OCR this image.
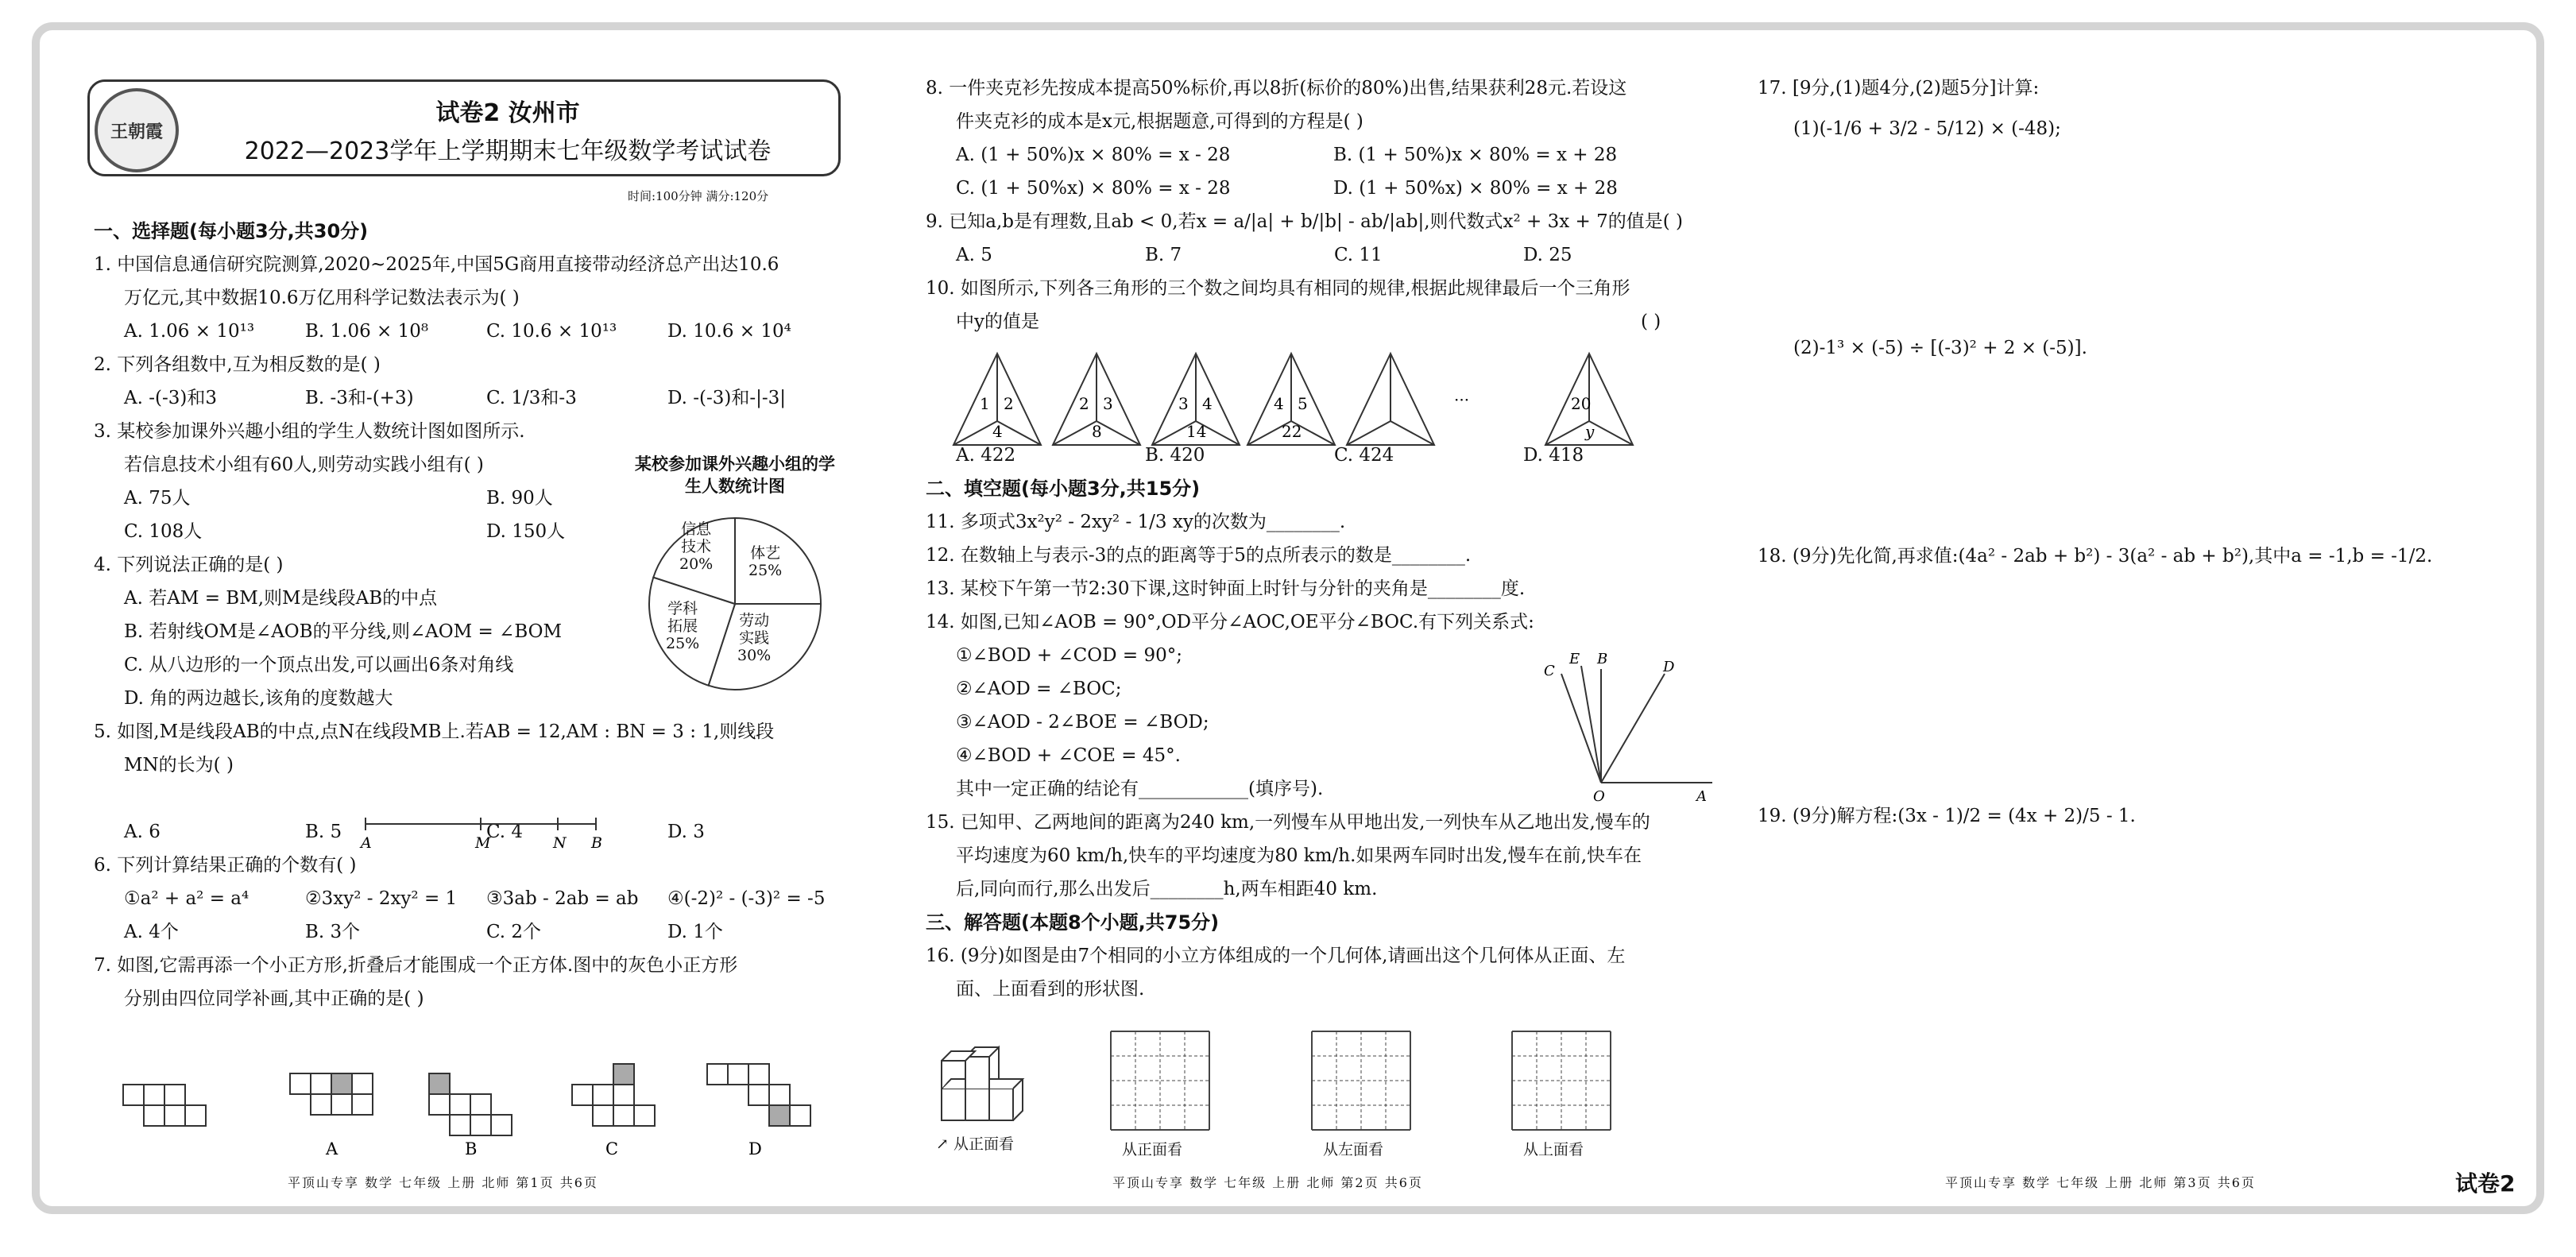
王朝霞
试卷2 汝州市
2022—2023学年上学期期末七年级数学考试试卷
时间:100分钟 满分:120分

一、选择题(每小题3分,共30分)

1. 中国信息通信研究院测算,2020~2025年,中国5G商用直接带动经济总产出达10.6

万亿元,其中数据10.6万亿用科学记数法表示为( )

A. 1.06 × 10¹³	B. 1.06 × 10⁸	C. 10.6 × 10¹³	D. 10.6 × 10⁴

2. 下列各组数中,互为相反数的是( )

A. -(-3)和3	B. -3和-(+3)	C. 1/3和-3	D. -(-3)和-|-3|

3. 某校参加课外兴趣小组的学生人数统计图如图所示.

若信息技术小组有60人,则劳动实践小组有( )

A. 75人	B. 90人
C. 108人	D. 150人

4. 下列说法正确的是( )

A. 若AM = BM,则M是线段AB的中点

B. 若射线OM是∠AOB的平分线,则∠AOM = ∠BOM

C. 从八边形的一个顶点出发,可以画出6条对角线

D. 角的两边越长,该角的度数越大

5. 如图,M是线段AB的中点,点N在线段MB上.若AB = 12,AM : BN = 3 : 1,则线段

MN的长为( )

A. 6	B. 5	C. 4	D. 3

6. 下列计算结果正确的个数有( )

①a² + a² = a⁴	②3xy² - 2xy² = 1	③3ab - 2ab = ab	④(-2)² - (-3)² = -5
A. 4个	B. 3个	C. 2个	D. 1个

7. 如图,它需再添一个小正方形,折叠后才能围成一个正方体.图中的灰色小正方形

分别由四位同学补画,其中正确的是( )

某校参加课外兴趣小组的学生人数统计图
信息
技术
20%
体艺
25%
劳动
实践
30%
学科
拓展
25%
A	M	N B
A	B	C	D

8. 一件夹克衫先按成本提高50%标价,再以8折(标价的80%)出售,结果获利28元.若设这

件夹克衫的成本是x元,根据题意,可得到的方程是( )

A. (1 + 50%)x × 80% = x - 28	B. (1 + 50%)x × 80% = x + 28
C. (1 + 50%x) × 80% = x - 28	D. (1 + 50%x) × 80% = x + 28

9. 已知a,b是有理数,且ab < 0,若x = a/|a| + b/|b| - ab/|ab|,则代数式x² + 3x + 7的值是( )

A. 5	B. 7	C. 11	D. 25

10. 如图所示,下列各三角形的三个数之间均具有相同的规律,根据此规律最后一个三角形

中y的值是	( )

A. 422	B. 420	C. 424	D. 418

二、填空题(每小题3分,共15分)

11. 多项式3x²y² - 2xy² - 1/3 xy的次数为________.

12. 在数轴上与表示-3的点的距离等于5的点所表示的数是________.

13. 某校下午第一节2:30下课,这时钟面上时针与分针的夹角是________度.

14. 如图,已知∠AOB = 90°,OD平分∠AOC,OE平分∠BOC.有下列关系式:

①∠BOD + ∠COD = 90°;

②∠AOD = ∠BOC;

③∠AOD - 2∠BOE = ∠BOD;

④∠BOD + ∠COE = 45°.

其中一定正确的结论有____________(填序号).

15. 已知甲、乙两地间的距离为240 km,一列慢车从甲地出发,一列快车从乙地出发,慢车的

平均速度为60 km/h,快车的平均速度为80 km/h.如果两车同时出发,慢车在前,快车在

后,同向而行,那么出发后________h,两车相距40 km.

三、解答题(本题8个小题,共75分)

16. (9分)如图是由7个相同的小立方体组成的一个几何体,请画出这个几何体从正面、左

面、上面看到的形状图.

1 2
4
2 3
8
3 4
14
4 5
22
···	20
y
C
E B	D
O	A
↗ 从正面看	从正面看	从左面看	从上面看

17. [9分,(1)题4分,(2)题5分]计算:

(1)(-1/6 + 3/2 - 5/12) × (-48);

(2)-1³ × (-5) ÷ [(-3)² + 2 × (-5)].

18. (9分)先化简,再求值:(4a² - 2ab + b²) - 3(a² - ab + b²),其中a = -1,b = -1/2.

19. (9分)解方程:(3x - 1)/2 = (4x + 2)/5 - 1.

平顶山专享 数学 七年级 上册 北师 第1页 共6页	平顶山专享 数学 七年级 上册 北师 第2页 共6页	平顶山专享 数学 七年级 上册 北师 第3页 共6页	试卷2
